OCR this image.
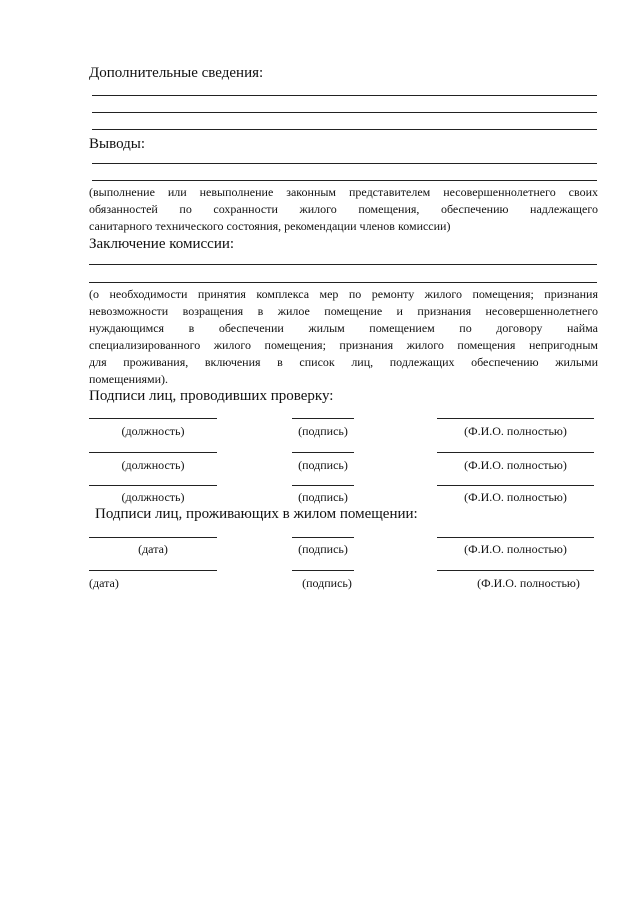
Дополнительные сведения:
Выводы:
(выполнение или невыполнение законным представителем несовершеннолетнего своих
обязанностей по сохранности жилого помещения, обеспечению надлежащего
санитарного технического состояния, рекомендации членов комиссии)
Заключение комиссии:
(о необходимости принятия комплекса мер по ремонту жилого помещения; признания
невозможности возращения в жилое помещение и признания несовершеннолетнего
нуждающимся в обеспечении жилым помещением по договору найма
специализированного жилого помещения; признания жилого помещения непригодным
для проживания, включения в список лиц, подлежащих обеспечению жилыми
помещениями).
Подписи лиц, проводивших проверку:
(должность)	(подпись)	(Ф.И.О. полностью)
(должность)	(подпись)	(Ф.И.О. полностью)
(должность)	(подпись)	(Ф.И.О. полностью)
Подписи лиц, проживающих в жилом помещении:
(дата)	(подпись)	(Ф.И.О. полностью)
(дата)	(подпись)	(Ф.И.О. полностью)
